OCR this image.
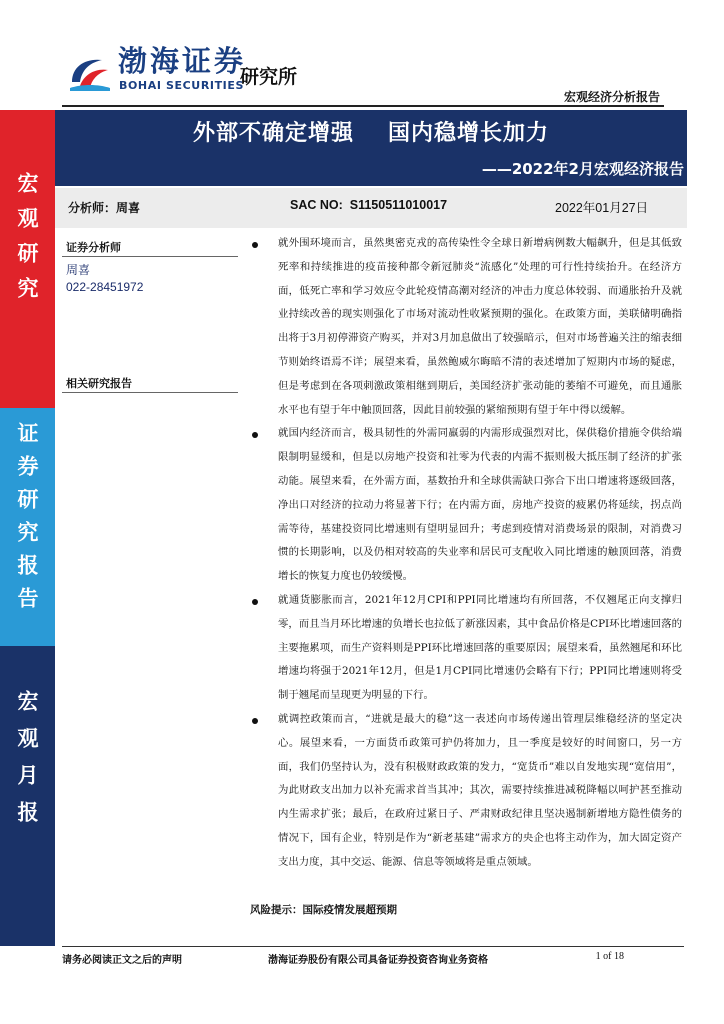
渤海证券
BOHAI SECURITIES
研究所
宏观经济分析报告
宏观研究
证券研究报告
宏观月报
外部不确定增强 国内稳增长加力
——2022年2月宏观经济报告
分析师：周喜	SAC NO: S1150511010017	2022年01月27日
证券分析师
周喜
022-28451972
相关研究报告
就外围环境而言，虽然奥密克戎的高传染性令全球日新增病例数大幅飙升，但是其低致死率和持续推进的疫苗接种都令新冠肺炎“流感化”处理的可行性持续抬升。在经济方面，低死亡率和学习效应令此轮疫情高潮对经济的冲击力度总体较弱、而通胀抬升及就业持续改善的现实则强化了市场对流动性收紧预期的强化。在政策方面，美联储明确指出将于3月初停滞资产购买，并对3月加息做出了较强暗示，但对市场普遍关注的缩表细节则始终语焉不详；展望来看，虽然鲍威尔晦暗不清的表述增加了短期内市场的疑虑，但是考虑到在各项刺激政策相继到期后，美国经济扩张动能的萎缩不可避免，而且通胀水平也有望于年中触顶回落，因此目前较强的紧缩预期有望于年中得以缓解。
就国内经济而言，极具韧性的外需同羸弱的内需形成强烈对比，保供稳价措施令供给端限制明显缓和，但是以房地产投资和社零为代表的内需不振则极大抵压制了经济的扩张动能。展望来看，在外需方面，基数抬升和全球供需缺口弥合下出口增速将逐级回落，净出口对经济的拉动力将显著下行；在内需方面，房地产投资的疲累仍将延续，拐点尚需等待，基建投资同比增速则有望明显回升；考虑到疫情对消费场景的限制，对消费习惯的长期影响，以及仍相对较高的失业率和居民可支配收入同比增速的触顶回落，消费增长的恢复力度也仍较缓慢。
就通货膨胀而言，2021年12月CPI和PPI同比增速均有所回落，不仅翘尾正向支撑归零，而且当月环比增速的负增长也拉低了新涨因素，其中食品价格是CPI环比增速回落的主要拖累项，而生产资料则是PPI环比增速回落的重要原因；展望来看，虽然翘尾和环比增速均将强于2021年12月，但是1月CPI同比增速仍会略有下行；PPI同比增速则将受制于翘尾而呈现更为明显的下行。
就调控政策而言，“进就是最大的稳”这一表述向市场传递出管理层维稳经济的坚定决心。展望来看，一方面货币政策可护仍将加力，且一季度是较好的时间窗口，另一方面，我们仍坚持认为，没有积极财政政策的发力，“宽货币”难以自发地实现“宽信用”，为此财政支出加力以补充需求首当其冲；其次，需要持续推进减税降幅以呵护甚至推动内生需求扩张；最后，在政府过紧日子、严肃财政纪律且坚决遏制新增地方隐性债务的情况下，国有企业，特别是作为“新老基建”需求方的央企也将主动作为，加大固定资产支出力度，其中交运、能源、信息等领域将是重点领域。
风险提示：国际疫情发展超预期
请务必阅读正文之后的声明	渤海证券股份有限公司具备证券投资咨询业务资格	1 of 18
